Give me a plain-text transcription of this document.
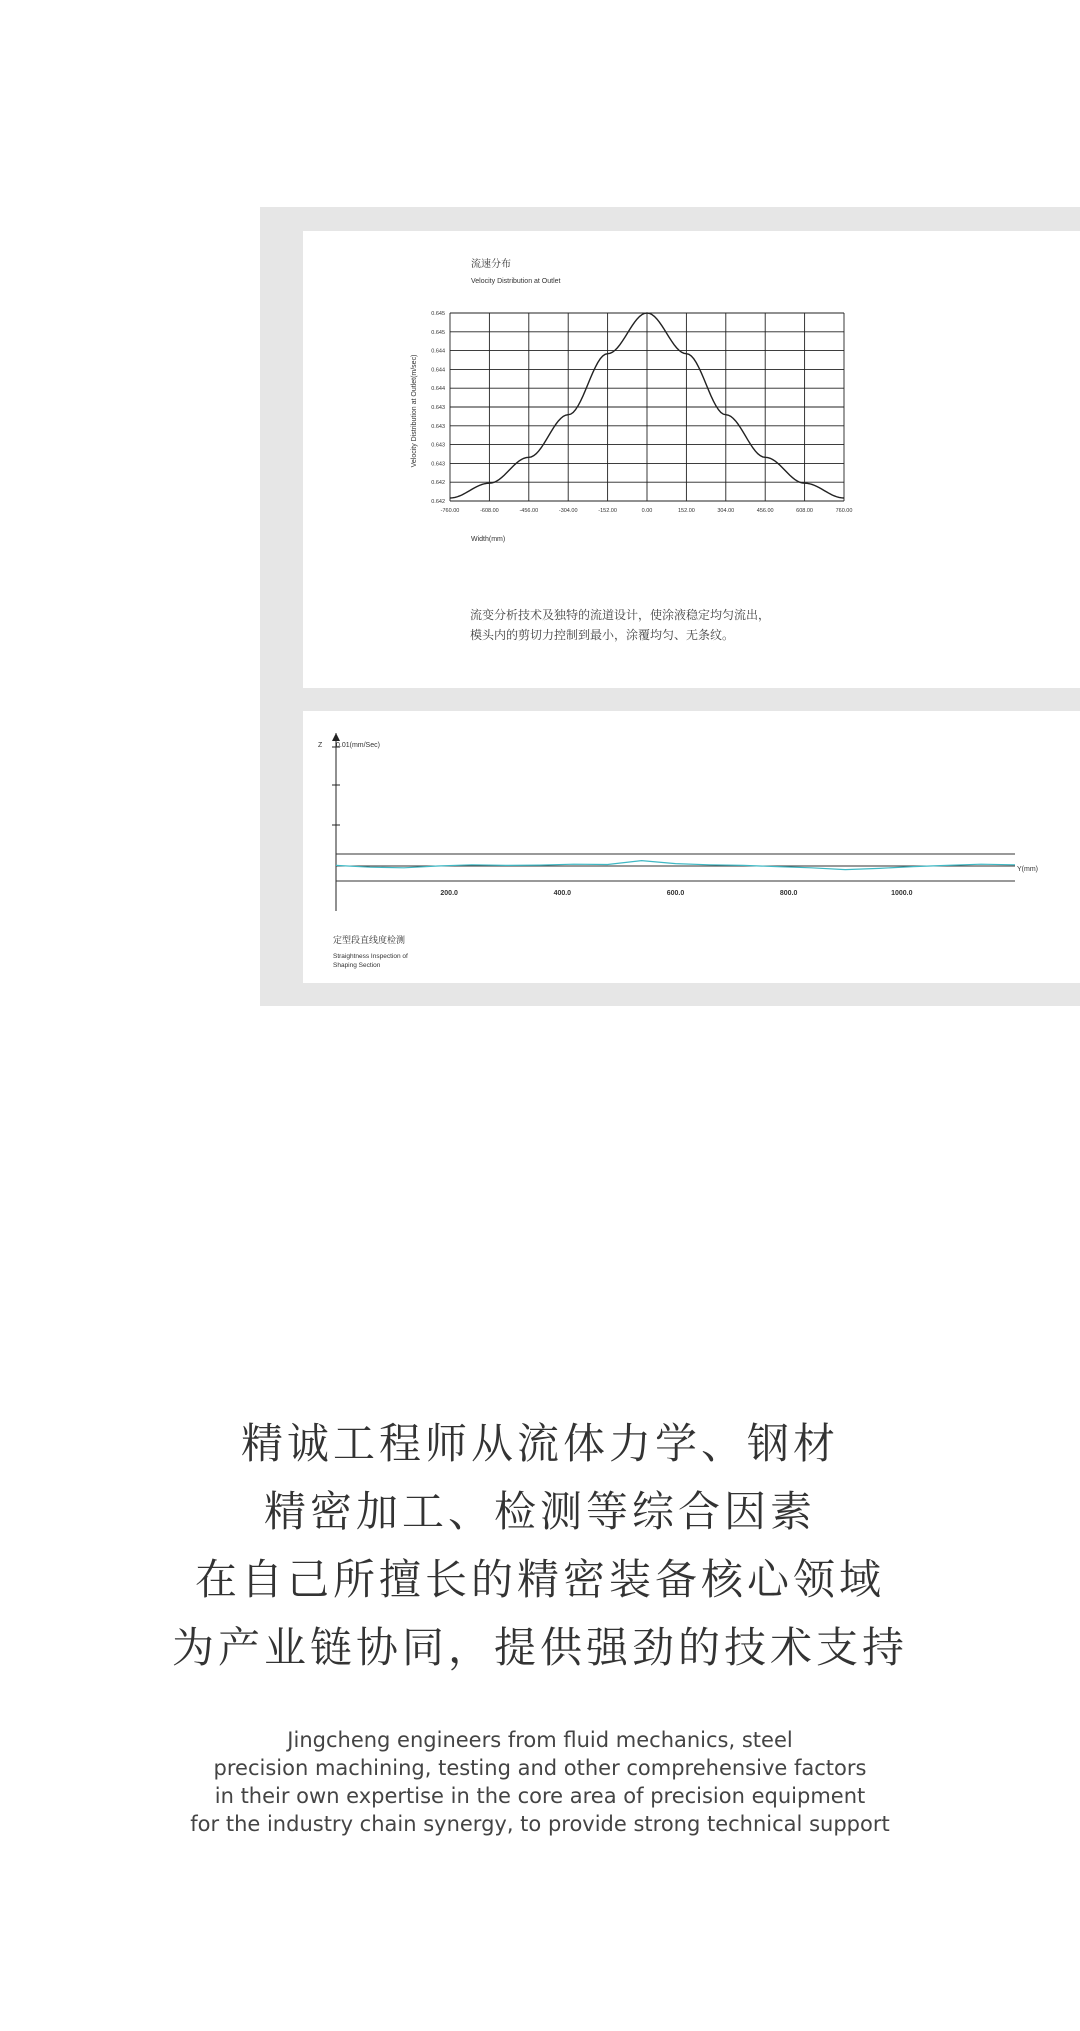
流速分布
Velocity Distribution at Outlet
Velocity Distribution at Outlet(m/sec)
Width(mm)
-760.00	-608.00	-456.00	-304.00	-152.00	0.00	152.00	304.00	456.00	608.00	760.00
0.645
0.645
0.644
0.644
0.644
0.643
0.643
0.643
0.643
0.642
0.642
流变分析技术及独特的流道设计，使涂液稳定均匀流出，
模头内的剪切力控制到最小，涂覆均匀、无条纹。
Z 0.01(mm/Sec)
Y(mm)
200.0	400.0	600.0	800.0	1000.0
定型段直线度检测
Straightness Inspection of
Shaping Section
精诚工程师从流体力学、钢材
精密加工、检测等综合因素
在自己所擅长的精密装备核心领域
为产业链协同，提供强劲的技术支持
Jingcheng engineers from fluid mechanics, steel
precision machining, testing and other comprehensive factors
in their own expertise in the core area of precision equipment
for the industry chain synergy, to provide strong technical support
